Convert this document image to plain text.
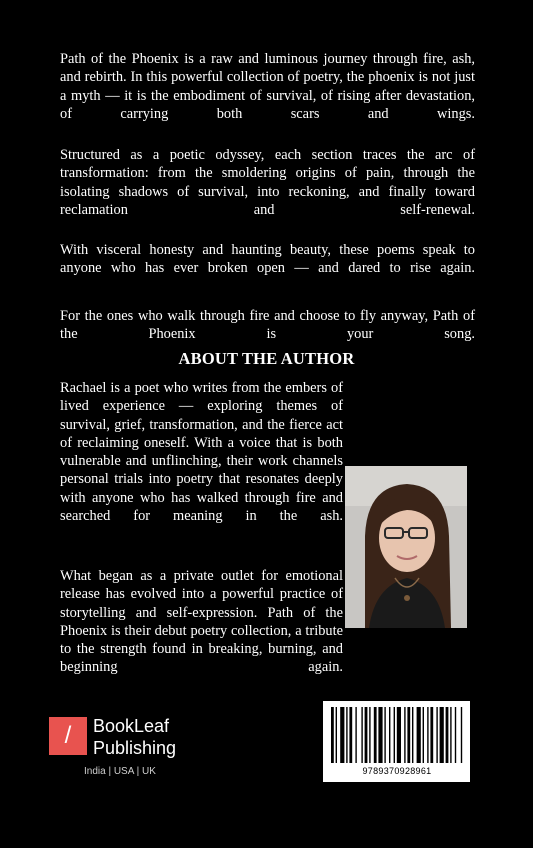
Path of the Phoenix is a raw and luminous journey through fire, ash, and rebirth. In this powerful collection of poetry, the phoenix is not just a myth — it is the embodiment of survival, of rising after devastation, of carrying both scars and wings.

Structured as a poetic odyssey, each section traces the arc of transformation: from the smoldering origins of pain, through the isolating shadows of survival, into reckoning, and finally toward reclamation and self-renewal.

With visceral honesty and haunting beauty, these poems speak to anyone who has ever broken open — and dared to rise again.

For the ones who walk through fire and choose to fly anyway, Path of the Phoenix is your song.

ABOUT THE AUTHOR

Rachael is a poet who writes from the embers of lived experience — exploring themes of survival, grief, transformation, and the fierce act of reclaiming oneself. With a voice that is both vulnerable and unflinching, their work channels personal trials into poetry that resonates deeply with anyone who has walked through fire and searched for meaning in the ash.

What began as a private outlet for emotional release has evolved into a powerful practice of storytelling and self-expression. Path of the Phoenix is their debut poetry collection, a tribute to the strength found in breaking, burning, and beginning again.

/	BookLeaf
Publishing
India | USA | UK	9789370928961
